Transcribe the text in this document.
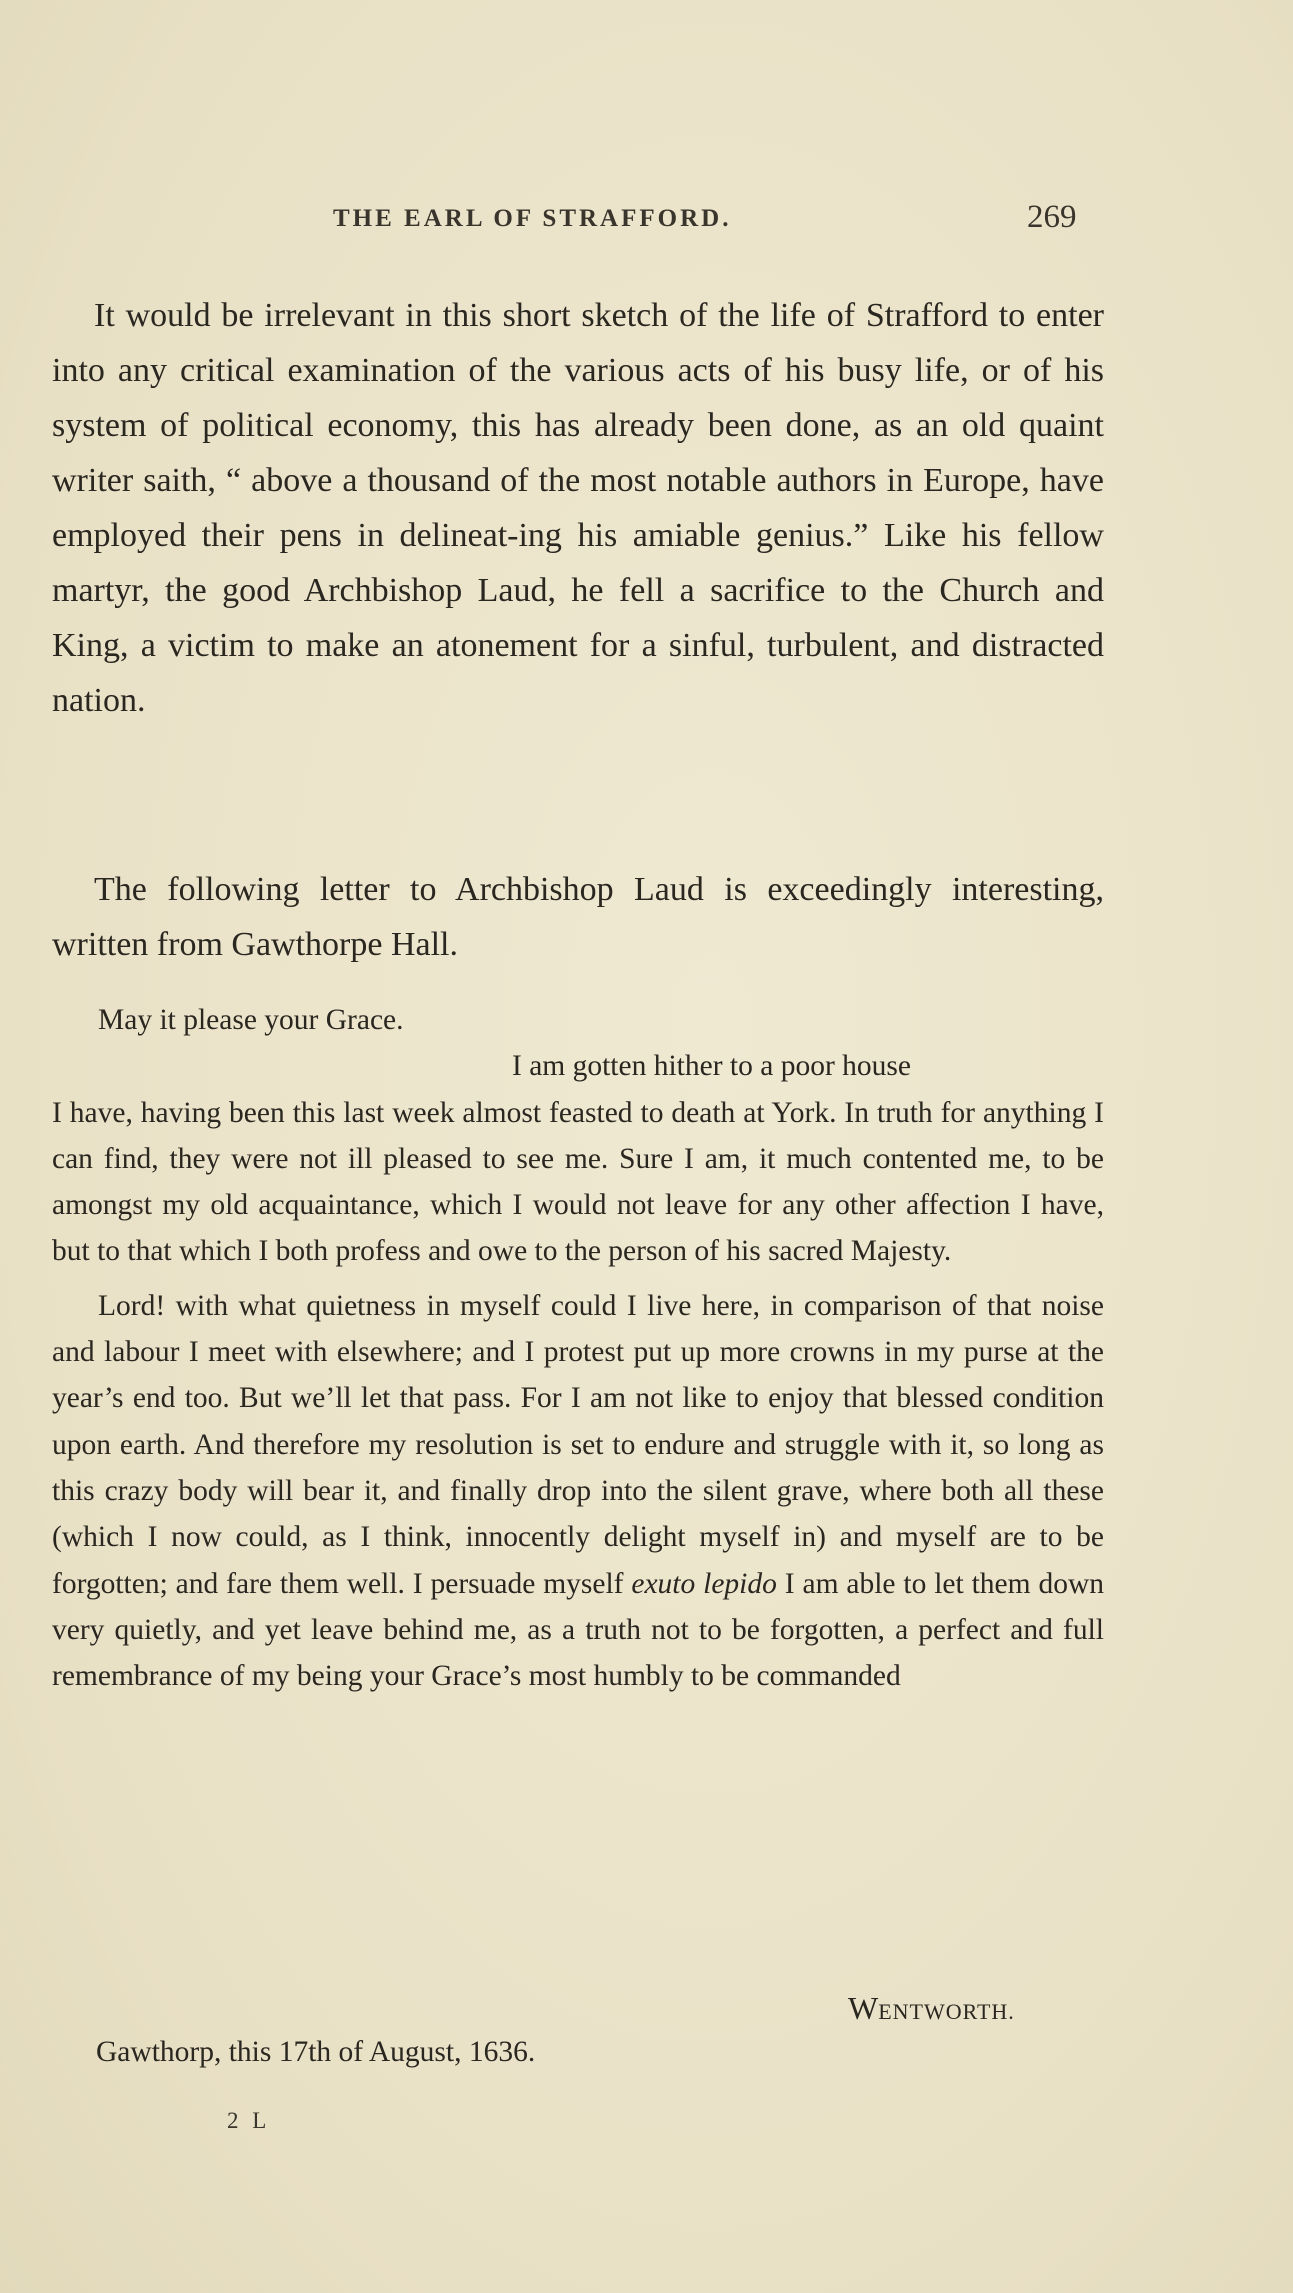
THE EARL OF STRAFFORD.	269

It would be irrelevant in this short sketch of the life of Strafford to enter into any critical examination of the various acts of his busy life, or of his system of political economy, this has already been done, as an old quaint writer saith, “ above a thousand of the most notable authors in Europe, have employed their pens in delineat-ing his amiable genius.” Like his fellow martyr, the good Archbishop Laud, he fell a sacrifice to the Church and King, a victim to make an atonement for a sinful, turbulent, and distracted nation.

The following letter to Archbishop Laud is exceedingly interesting, written from Gawthorpe Hall.

May it please your Grace.

I am gotten hither to a poor house

I have, having been this last week almost feasted to death at York. In truth for anything I can find, they were not ill pleased to see me. Sure I am, it much contented me, to be amongst my old acquaintance, which I would not leave for any other affection I have, but to that which I both profess and owe to the person of his sacred Majesty.

Lord! with what quietness in myself could I live here, in comparison of that noise and labour I meet with elsewhere; and I protest put up more crowns in my purse at the year’s end too. But we’ll let that pass. For I am not like to enjoy that blessed condition upon earth. And therefore my resolution is set to endure and struggle with it, so long as this crazy body will bear it, and finally drop into the silent grave, where both all these (which I now could, as I think, innocently delight myself in) and myself are to be forgotten; and fare them well. I persuade myself exuto lepido I am able to let them down very quietly, and yet leave behind me, as a truth not to be forgotten, a perfect and full remembrance of my being your Grace’s most humbly to be commanded

WENTWORTH.
Gawthorp, this 17th of August, 1636.
2 L
